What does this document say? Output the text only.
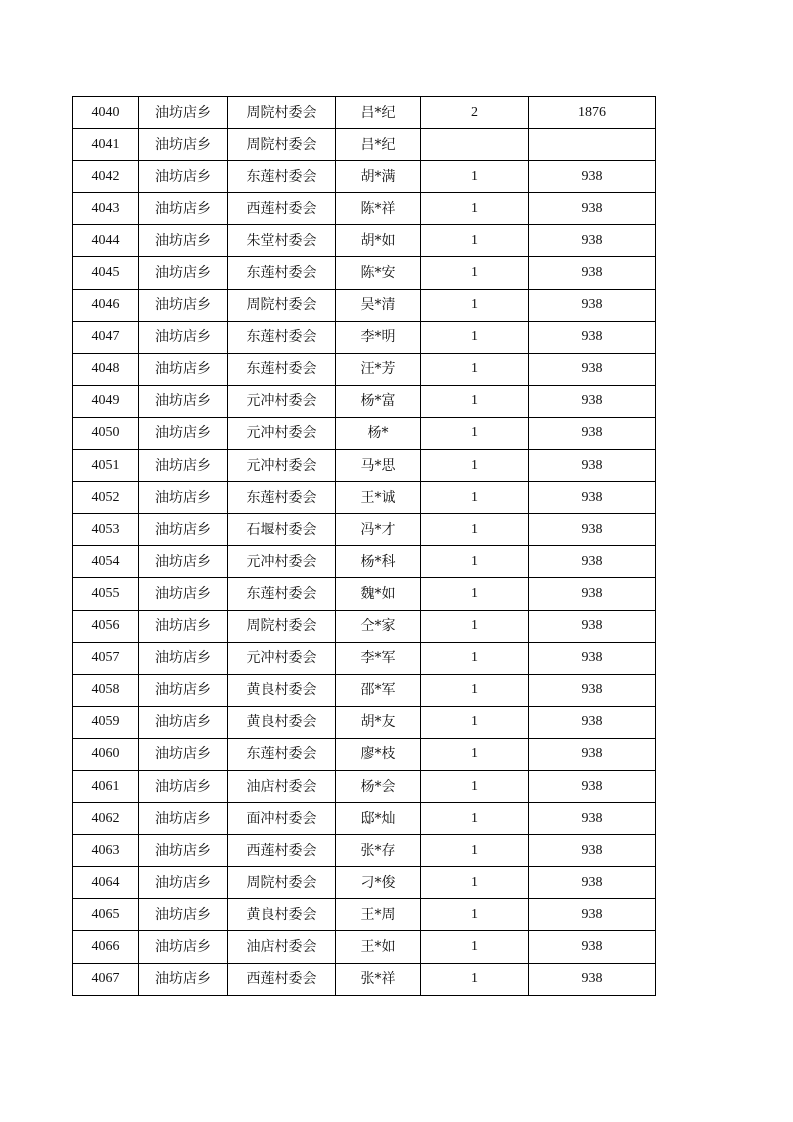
4040	油坊店乡	周院村委会	吕*纪	2	1876
4041	油坊店乡	周院村委会	吕*纪		
4042	油坊店乡	东莲村委会	胡*满	1	938
4043	油坊店乡	西莲村委会	陈*祥	1	938
4044	油坊店乡	朱堂村委会	胡*如	1	938
4045	油坊店乡	东莲村委会	陈*安	1	938
4046	油坊店乡	周院村委会	吴*清	1	938
4047	油坊店乡	东莲村委会	李*明	1	938
4048	油坊店乡	东莲村委会	汪*芳	1	938
4049	油坊店乡	元冲村委会	杨*富	1	938
4050	油坊店乡	元冲村委会	杨*	1	938
4051	油坊店乡	元冲村委会	马*思	1	938
4052	油坊店乡	东莲村委会	王*诚	1	938
4053	油坊店乡	石堰村委会	冯*才	1	938
4054	油坊店乡	元冲村委会	杨*科	1	938
4055	油坊店乡	东莲村委会	魏*如	1	938
4056	油坊店乡	周院村委会	仝*家	1	938
4057	油坊店乡	元冲村委会	李*军	1	938
4058	油坊店乡	黄良村委会	邵*军	1	938
4059	油坊店乡	黄良村委会	胡*友	1	938
4060	油坊店乡	东莲村委会	廖*枝	1	938
4061	油坊店乡	油店村委会	杨*会	1	938
4062	油坊店乡	面冲村委会	邸*灿	1	938
4063	油坊店乡	西莲村委会	张*存	1	938
4064	油坊店乡	周院村委会	刁*俊	1	938
4065	油坊店乡	黄良村委会	王*周	1	938
4066	油坊店乡	油店村委会	王*如	1	938
4067	油坊店乡	西莲村委会	张*祥	1	938
